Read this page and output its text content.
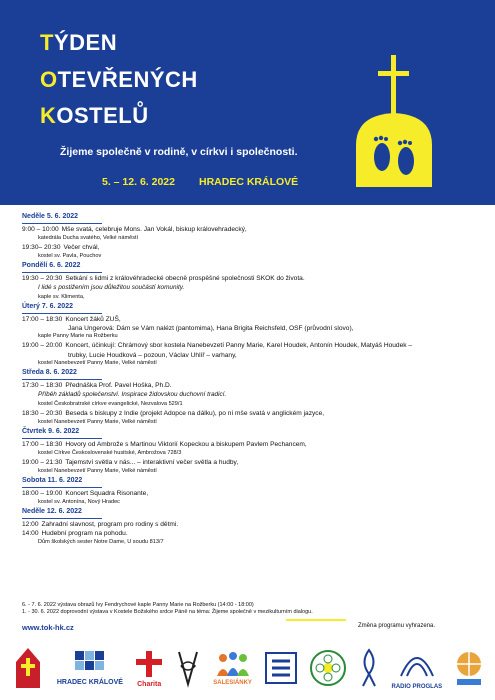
TÝDEN
OTEVŘENÝCH
KOSTELŮ
Žijeme společně v rodině, v církvi i společnosti.
5. – 12. 6. 2022 HRADEC KRÁLOVÉ
Neděle 5. 6. 2022
9:00 – 10:00 Mše svatá, celebruje Mons. Jan Vokál, biskup královehradecký,
katedrála Ducha svatého, Velké náměstí
19:30– 20:30 Večer chvál,
kostel sv. Pavla, Pouchov
Pondělí 6. 6. 2022
19:30 – 20:30 Setkání s lidmi z královéhradecké obecně prospěšné společnosti SKOK do života.
I lidé s postižením jsou důležitou součástí komunity.
kaple sv. Klimenta,
Úterý 7. 6. 2022
17:00 – 18:30 Koncert žáků ZUŠ,
Jana Ungerová: Dám se Vám nalézt (pantomima), Hana Brigita Reichsfeld, OSF (průvodní slovo),
kaple Panny Marie na Rožberku
19:00 – 20:00 Koncert, účinkují: Chrámový sbor kostela Nanebevzetí Panny Marie, Karel Houdek, Antonín Houdek, Matyáš Houdek –
trubky, Lucie Houdková – pozoun, Václav Uhlíř – varhany,
kostel Nanebevzetí Panny Marie, Velké náměstí
Středa 8. 6. 2022
17:30 – 18:30 Přednáška Prof. Pavel Hoška, Ph.D.
Příběh základů společenství. Inspirace židovskou duchovní tradicí.
kostel Českobratrské církve evangelické, Nezvalova 529/1
18:30 – 20:30 Beseda s biskupy z Indie (projekt Adopce na dálku), po ní mše svatá v anglickém jazyce,
kostel Nanebevzetí Panny Marie, Velké náměstí
Čtvrtek 9. 6. 2022
17:00 – 18:30 Hovory od Ambrože s Martinou Viktorií Kopeckou a biskupem Pavlem Pechancem,
kostel Církve Československé husitské, Ambrožova 728/3
19:00 – 21:30 Tajemství světla v nás... – interaktivní večer světla a hudby,
kostel Nanebevzetí Panny Marie, Velké náměstí
Sobota 11. 6. 2022
18:00 – 19:00 Koncert Squadra Risonante,
kostel sv. Antonína, Nový Hradec
Neděle 12. 6. 2022
12:00 Zahradní slavnost, program pro rodiny s dětmi.
14:00 Hudební program na pohodu.
Dům školských sester Notre Dame, U soudu 813/7
6. - 7. 6. 2022 výstava obrazů Ivy Fendrychové kaple Panny Marie na Rožberku (14:00 - 18:00)
1. - 30. 6. 2022 doprovodní výstava v Kostele Božského srdce Páně na téma: Žijeme společně v mezikulturním dialogu.
www.tok-hk.cz	Změna programu vyhrazena.
HRADEC KRÁLOVÉ Charita	SALESIÁNKY
RADIO PROGLAS
